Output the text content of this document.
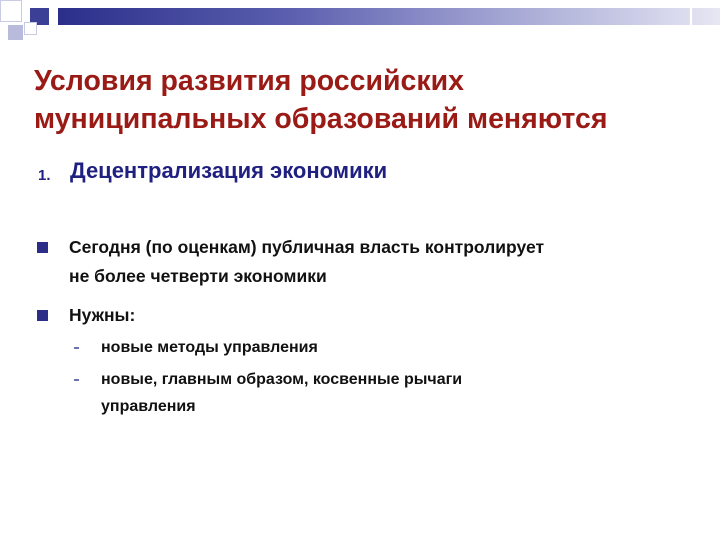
Условия развития российских
муниципальных образований меняются
1. Децентрализация экономики
Сегодня (по оценкам) публичная власть контролирует
не более четверти экономики
Нужны:
новые методы управления
новые, главным образом, косвенные рычаги
управления
